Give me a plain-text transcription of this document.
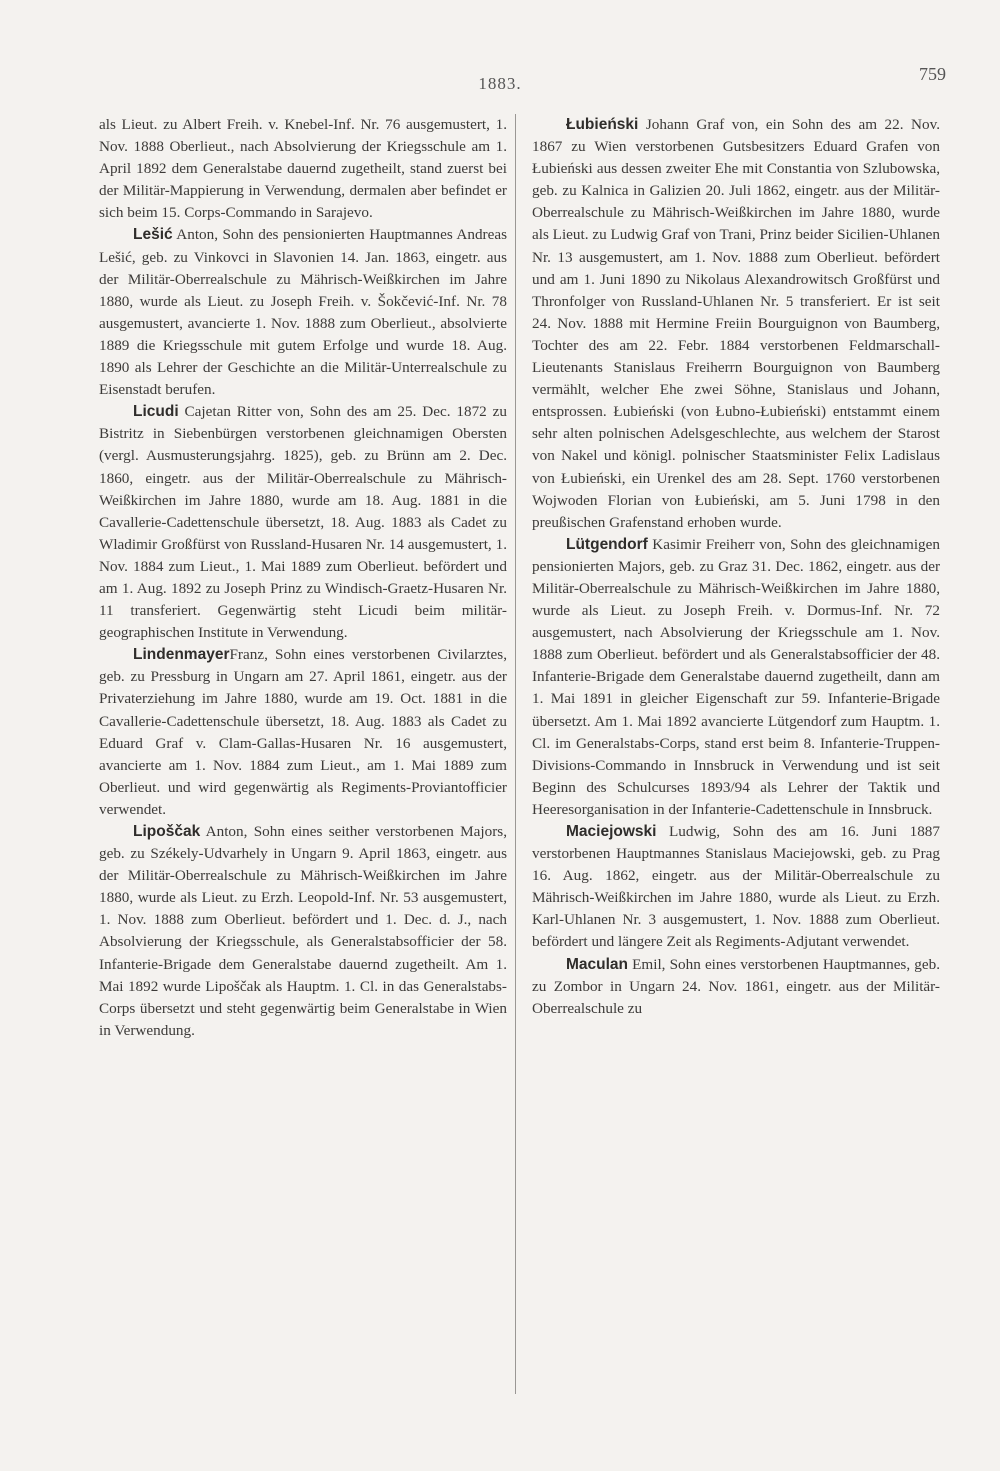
1883.	759

als Lieut. zu Albert Freih. v. Knebel-Inf. Nr. 76 ausgemustert, 1. Nov. 1888 Oberlieut., nach Absolvierung der Kriegsschule am 1. April 1892 dem Generalstabe dauernd zugetheilt, stand zuerst bei der Militär-Mappierung in Verwendung, dermalen aber befindet er sich beim 15. Corps-Commando in Sarajevo.

Lešić Anton, Sohn des pensionierten Hauptmannes Andreas Lešić, geb. zu Vinkovci in Slavonien 14. Jan. 1863, eingetr. aus der Militär-Oberrealschule zu Mährisch-Weißkirchen im Jahre 1880, wurde als Lieut. zu Joseph Freih. v. Šokčević-Inf. Nr. 78 ausgemustert, avancierte 1. Nov. 1888 zum Oberlieut., absolvierte 1889 die Kriegsschule mit gutem Erfolge und wurde 18. Aug. 1890 als Lehrer der Geschichte an die Militär-Unterrealschule zu Eisenstadt berufen.

Licudi Cajetan Ritter von, Sohn des am 25. Dec. 1872 zu Bistritz in Siebenbürgen verstorbenen gleichnamigen Obersten (vergl. Ausmusterungsjahrg. 1825), geb. zu Brünn am 2. Dec. 1860, eingetr. aus der Militär-Oberrealschule zu Mährisch-Weißkirchen im Jahre 1880, wurde am 18. Aug. 1881 in die Cavallerie-Cadettenschule übersetzt, 18. Aug. 1883 als Cadet zu Wladimir Großfürst von Russland-Husaren Nr. 14 ausgemustert, 1. Nov. 1884 zum Lieut., 1. Mai 1889 zum Oberlieut. befördert und am 1. Aug. 1892 zu Joseph Prinz zu Windisch-Graetz-Husaren Nr. 11 transferiert. Gegenwärtig steht Licudi beim militär-geographischen Institute in Verwendung.

LindenmayerFranz, Sohn eines verstorbenen Civilarztes, geb. zu Pressburg in Ungarn am 27. April 1861, eingetr. aus der Privaterziehung im Jahre 1880, wurde am 19. Oct. 1881 in die Cavallerie-Cadettenschule übersetzt, 18. Aug. 1883 als Cadet zu Eduard Graf v. Clam-Gallas-Husaren Nr. 16 ausgemustert, avancierte am 1. Nov. 1884 zum Lieut., am 1. Mai 1889 zum Oberlieut. und wird gegenwärtig als Regiments-Proviantofficier verwendet.

Lipoščak Anton, Sohn eines seither verstorbenen Majors, geb. zu Székely-Udvarhely in Ungarn 9. April 1863, eingetr. aus der Militär-Oberrealschule zu Mährisch-Weißkirchen im Jahre 1880, wurde als Lieut. zu Erzh. Leopold-Inf. Nr. 53 ausgemustert, 1. Nov. 1888 zum Oberlieut. befördert und 1. Dec. d. J., nach Absolvierung der Kriegsschule, als Generalstabsofficier der 58. Infanterie-Brigade dem Generalstabe dauernd zugetheilt. Am 1. Mai 1892 wurde Lipoščak als Hauptm. 1. Cl. in das Generalstabs-Corps übersetzt und steht gegenwärtig beim Generalstabe in Wien in Verwendung.

Łubieński Johann Graf von, ein Sohn des am 22. Nov. 1867 zu Wien verstorbenen Gutsbesitzers Eduard Grafen von Łubieński aus dessen zweiter Ehe mit Constantia von Szlubowska, geb. zu Kalnica in Galizien 20. Juli 1862, eingetr. aus der Militär-Oberrealschule zu Mährisch-Weißkirchen im Jahre 1880, wurde als Lieut. zu Ludwig Graf von Trani, Prinz beider Sicilien-Uhlanen Nr. 13 ausgemustert, am 1. Nov. 1888 zum Oberlieut. befördert und am 1. Juni 1890 zu Nikolaus Alexandrowitsch Großfürst und Thronfolger von Russland-Uhlanen Nr. 5 transferiert. Er ist seit 24. Nov. 1888 mit Hermine Freiin Bourguignon von Baumberg, Tochter des am 22. Febr. 1884 verstorbenen Feldmarschall-Lieutenants Stanislaus Freiherrn Bourguignon von Baumberg vermählt, welcher Ehe zwei Söhne, Stanislaus und Johann, entsprossen. Łubieński (von Łubno-Łubieński) entstammt einem sehr alten polnischen Adelsgeschlechte, aus welchem der Starost von Nakel und königl. polnischer Staatsminister Felix Ladislaus von Łubieński, ein Urenkel des am 28. Sept. 1760 verstorbenen Wojwoden Florian von Łubieński, am 5. Juni 1798 in den preußischen Grafenstand erhoben wurde.

Lütgendorf Kasimir Freiherr von, Sohn des gleichnamigen pensionierten Majors, geb. zu Graz 31. Dec. 1862, eingetr. aus der Militär-Oberrealschule zu Mährisch-Weißkirchen im Jahre 1880, wurde als Lieut. zu Joseph Freih. v. Dormus-Inf. Nr. 72 ausgemustert, nach Absolvierung der Kriegsschule am 1. Nov. 1888 zum Oberlieut. befördert und als Generalstabsofficier der 48. Infanterie-Brigade dem Generalstabe dauernd zugetheilt, dann am 1. Mai 1891 in gleicher Eigenschaft zur 59. Infanterie-Brigade übersetzt. Am 1. Mai 1892 avancierte Lütgendorf zum Hauptm. 1. Cl. im Generalstabs-Corps, stand erst beim 8. Infanterie-Truppen-Divisions-Commando in Innsbruck in Verwendung und ist seit Beginn des Schulcurses 1893/94 als Lehrer der Taktik und Heeresorganisation in der Infanterie-Cadettenschule in Innsbruck.

Maciejowski Ludwig, Sohn des am 16. Juni 1887 verstorbenen Hauptmannes Stanislaus Maciejowski, geb. zu Prag 16. Aug. 1862, eingetr. aus der Militär-Oberrealschule zu Mährisch-Weißkirchen im Jahre 1880, wurde als Lieut. zu Erzh. Karl-Uhlanen Nr. 3 ausgemustert, 1. Nov. 1888 zum Oberlieut. befördert und längere Zeit als Regiments-Adjutant verwendet.

Maculan Emil, Sohn eines verstorbenen Hauptmannes, geb. zu Zombor in Ungarn 24. Nov. 1861, eingetr. aus der Militär-Oberrealschule zu
